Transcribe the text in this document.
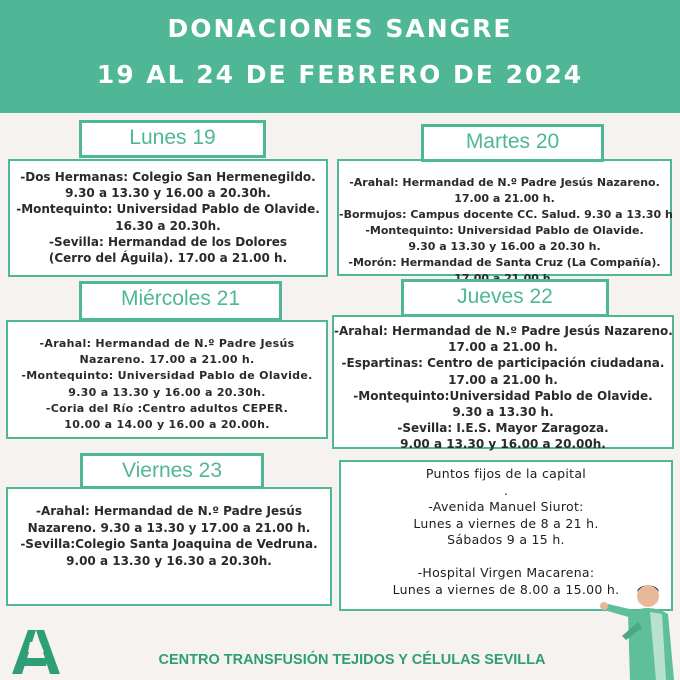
DONACIONES SANGRE
19 AL 24 DE FEBRERO DE 2024
-Dos Hermanas: Colegio San Hermenegildo.
9.30 a 13.30 y 16.00 a 20.30h.
-Montequinto: Universidad Pablo de Olavide.
16.30 a 20.30h.
-Sevilla: Hermandad de los Dolores
(Cerro del Águila). 17.00 a 21.00 h.
Lunes 19
-Arahal: Hermandad de N.º Padre Jesús Nazareno.
17.00 a 21.00 h.
-Bormujos: Campus docente CC. Salud. 9.30 a 13.30 h
-Montequinto: Universidad Pablo de Olavide.
9.30 a 13.30 y 16.00 a 20.30 h.
-Morón: Hermandad de Santa Cruz (La Compañía).
Martes 20
-Arahal: Hermandad de N.º Padre Jesús
Nazareno. 17.00 a 21.00 h.
-Montequinto: Universidad Pablo de Olavide.
9.30 a 13.30 y 16.00 a 20.30h.
-Coria del Río :Centro adultos CEPER.
10.00 a 14.00 y 16.00 a 20.00h.
Miércoles 21
-Arahal: Hermandad de N.º Padre Jesús Nazareno.
17.00 a 21.00 h.
-Espartinas: Centro de participación ciudadana.
17.00 a 21.00 h.
-Montequinto:Universidad Pablo de Olavide.
9.30 a 13.30 h.
-Sevilla: I.E.S. Mayor Zaragoza.
9.00 a 13.30 y 16.00 a 20.00h.
Jueves 22
-Arahal: Hermandad de N.º Padre Jesús
Nazareno. 9.30 a 13.30 y 17.00 a 21.00 h.
-Sevilla:Colegio Santa Joaquina de Vedruna.
9.00 a 13.30 y 16.30 a 20.30h.
Viernes 23	Puntos fijos de la capital
.
-Avenida Manuel Siurot:
Lunes a viernes de 8 a 21 h.
Sábados 9 a 15 h.

-Hospital Virgen Macarena:
Lunes a viernes de 8.00 a 15.00 h.
CENTRO TRANSFUSIÓN TEJIDOS Y CÉLULAS SEVILLA
